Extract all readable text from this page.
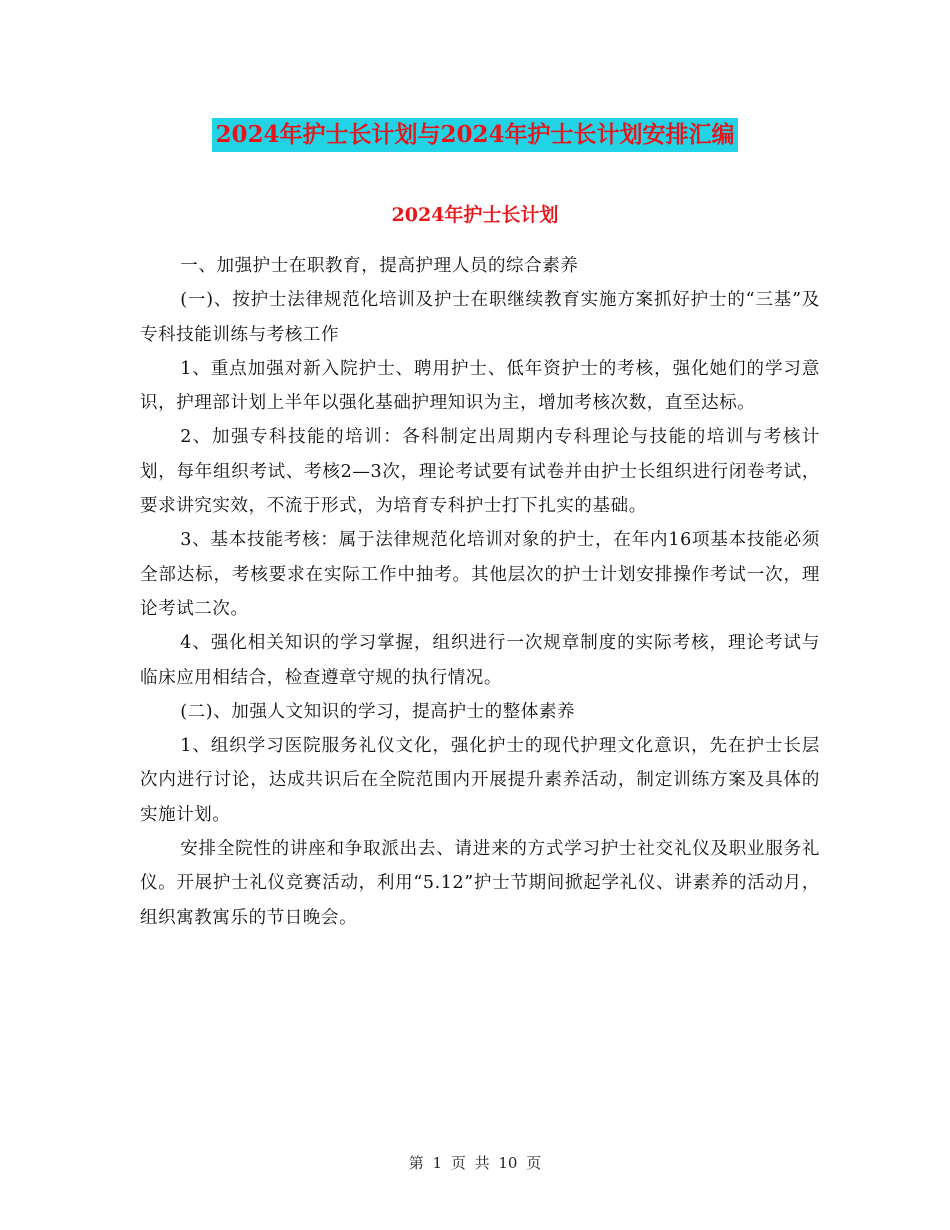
2024年护士长计划与2024年护士长计划安排汇编
2024年护士长计划

一、加强护士在职教育，提高护理人员的综合素养

(一)、按护士法律规范化培训及护士在职继续教育实施方案抓好护士的“三基”及专科技能训练与考核工作

1、重点加强对新入院护士、聘用护士、低年资护士的考核，强化她们的学习意识，护理部计划上半年以强化基础护理知识为主，增加考核次数，直至达标。

2、加强专科技能的培训：各科制定出周期内专科理论与技能的培训与考核计划，每年组织考试、考核2—3次，理论考试要有试卷并由护士长组织进行闭卷考试，要求讲究实效，不流于形式，为培育专科护士打下扎实的基础。

3、基本技能考核：属于法律规范化培训对象的护士，在年内16项基本技能必须全部达标，考核要求在实际工作中抽考。其他层次的护士计划安排操作考试一次，理论考试二次。

4、强化相关知识的学习掌握，组织进行一次规章制度的实际考核，理论考试与临床应用相结合，检查遵章守规的执行情况。

(二)、加强人文知识的学习，提高护士的整体素养

1、组织学习医院服务礼仪文化，强化护士的现代护理文化意识，先在护士长层次内进行讨论，达成共识后在全院范围内开展提升素养活动，制定训练方案及具体的实施计划。

安排全院性的讲座和争取派出去、请进来的方式学习护士社交礼仪及职业服务礼仪。开展护士礼仪竞赛活动，利用“5.12”护士节期间掀起学礼仪、讲素养的活动月，组织寓教寓乐的节日晚会。

第 1 页 共 10 页
